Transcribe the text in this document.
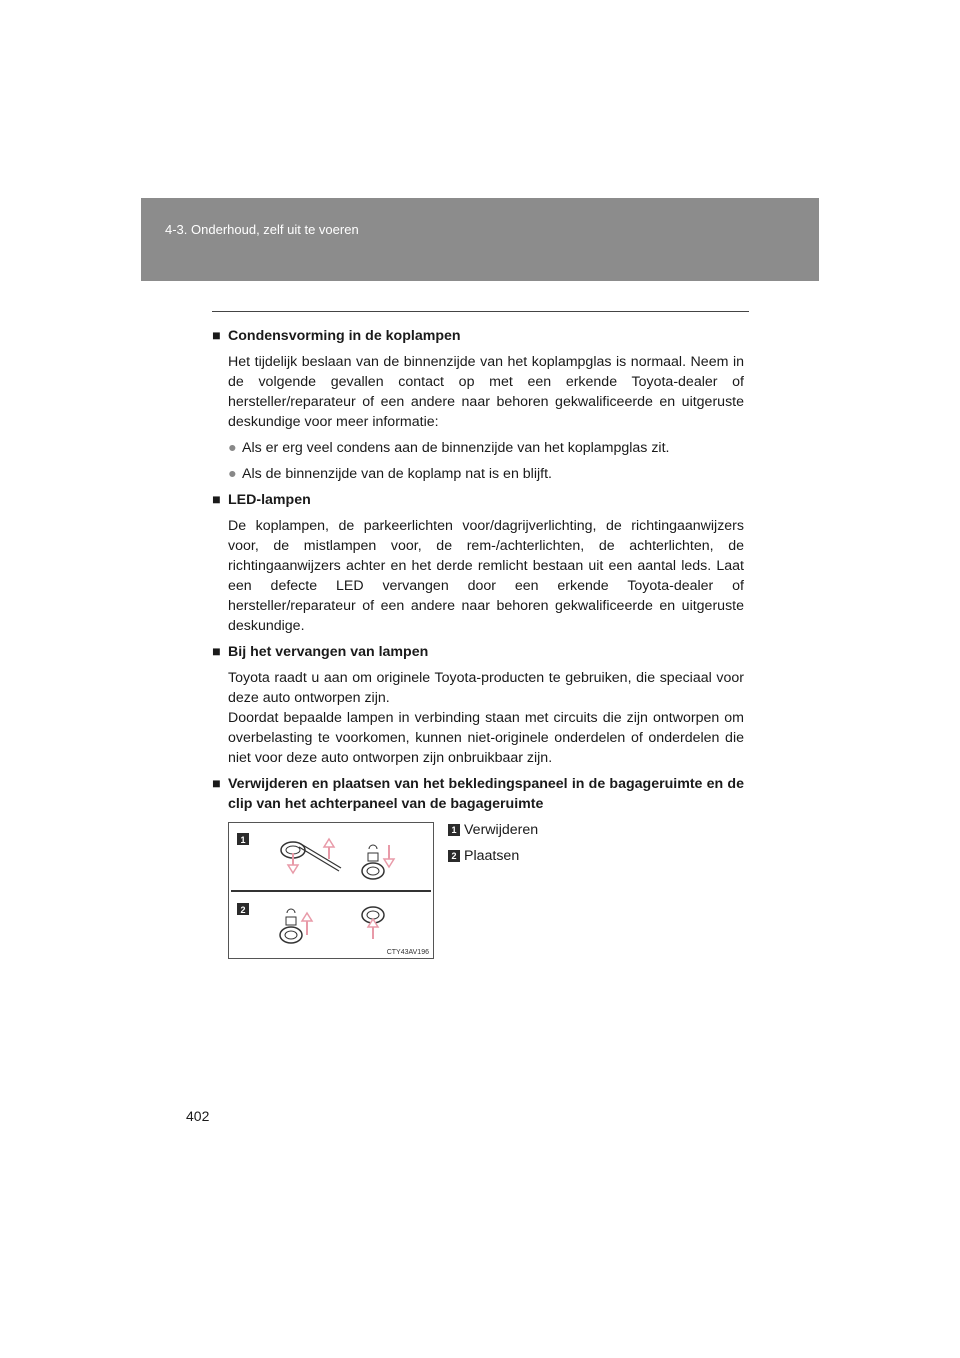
4-3. Onderhoud, zelf uit te voeren
■ Condensvorming in de koplampen

Het tijdelijk beslaan van de binnenzijde van het koplampglas is normaal. Neem in de volgende gevallen contact op met een erkende Toyota-dealer of hersteller/reparateur of een andere naar behoren gekwalificeerde en uitgeruste deskundige voor meer informatie:

● Als er erg veel condens aan de binnenzijde van het koplampglas zit.
● Als de binnenzijde van de koplamp nat is en blijft.
■ LED-lampen

De koplampen, de parkeerlichten voor/dagrijverlichting, de richtingaanwijzers voor, de mistlampen voor, de rem-/achterlichten, de achterlichten, de richtingaanwijzers achter en het derde remlicht bestaan uit een aantal leds. Laat een defecte LED vervangen door een erkende Toyota-dealer of hersteller/reparateur of een andere naar behoren gekwalificeerde en uitgeruste deskundige.

■ Bij het vervangen van lampen

Toyota raadt u aan om originele Toyota-producten te gebruiken, die speciaal voor deze auto ontworpen zijn.

Doordat bepaalde lampen in verbinding staan met circuits die zijn ontworpen om overbelasting te voorkomen, kunnen niet-originele onderdelen of onderdelen die niet voor deze auto ontworpen zijn onbruikbaar zijn.

■ Verwijderen en plaatsen van het bekledingspaneel in de bagageruimte en de clip van het achterpaneel van de bagageruimte
1
2
CTY43AV196
1 Verwijderen
2 Plaatsen
402
